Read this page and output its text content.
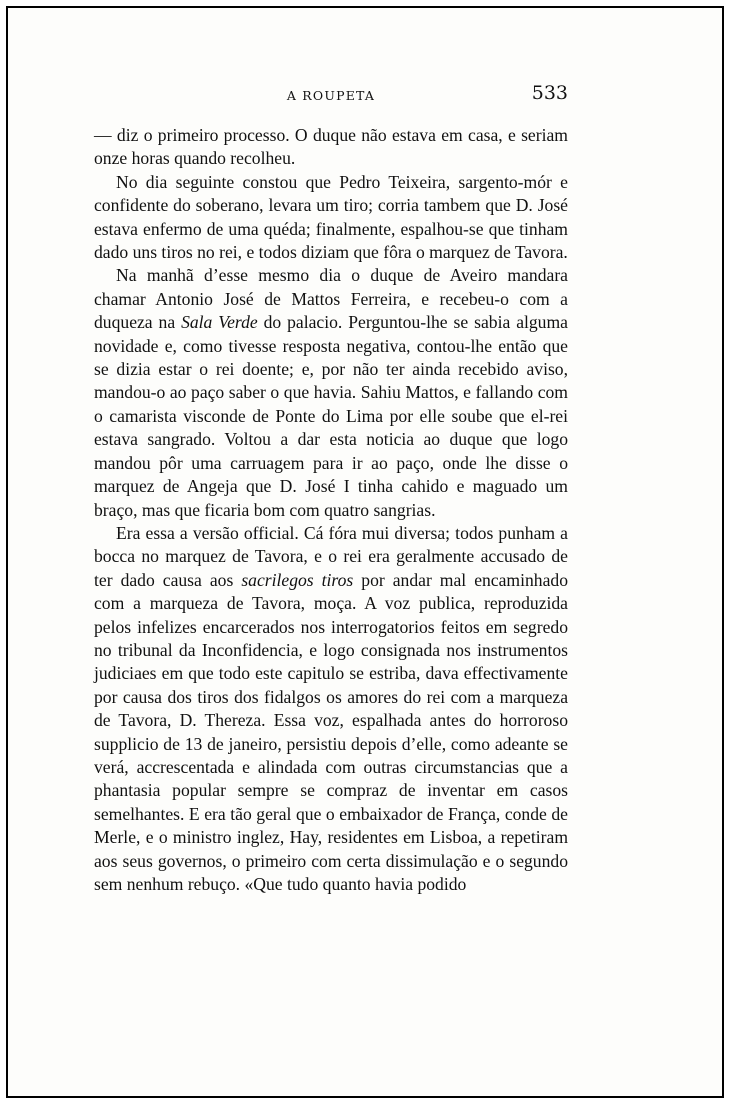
A ROUPETA	533

— diz o primeiro processo. O duque não estava em casa, e seriam onze horas quando recolheu.

No dia seguinte constou que Pedro Teixeira, sargento-mór e confidente do soberano, levara um tiro; corria tambem que D. José estava enfermo de uma quéda; finalmente, espalhou-se que tinham dado uns tiros no rei, e todos diziam que fôra o marquez de Tavora.

Na manhã d’esse mesmo dia o duque de Aveiro mandara chamar Antonio José de Mattos Ferreira, e recebeu-o com a duqueza na Sala Verde do palacio. Perguntou-lhe se sabia alguma novidade e, como tivesse resposta negativa, contou-lhe então que se dizia estar o rei doente; e, por não ter ainda recebido aviso, mandou-o ao paço saber o que havia. Sahiu Mattos, e fallando com o camarista visconde de Ponte do Lima por elle soube que el-rei estava sangrado. Voltou a dar esta noticia ao duque que logo mandou pôr uma carruagem para ir ao paço, onde lhe disse o marquez de Angeja que D. José I tinha cahido e maguado um braço, mas que ficaria bom com quatro sangrias.

Era essa a versão official. Cá fóra mui diversa; todos punham a bocca no marquez de Tavora, e o rei era geralmente accusado de ter dado causa aos sacrilegos tiros por andar mal encaminhado com a marqueza de Tavora, moça. A voz publica, reproduzida pelos infelizes encarcerados nos interrogatorios feitos em segredo no tribunal da Inconfidencia, e logo consignada nos instrumentos judiciaes em que todo este capitulo se estriba, dava effectivamente por causa dos tiros dos fidalgos os amores do rei com a marqueza de Tavora, D. Thereza. Essa voz, espalhada antes do horroroso supplicio de 13 de janeiro, persistiu depois d’elle, como adeante se verá, accrescentada e alindada com outras circumstancias que a phantasia popular sempre se compraz de inventar em casos semelhantes. E era tão geral que o embaixador de França, conde de Merle, e o ministro inglez, Hay, residentes em Lisboa, a repetiram aos seus governos, o primeiro com certa dissimulação e o segundo sem nenhum rebuço. «Que tudo quanto havia podido
